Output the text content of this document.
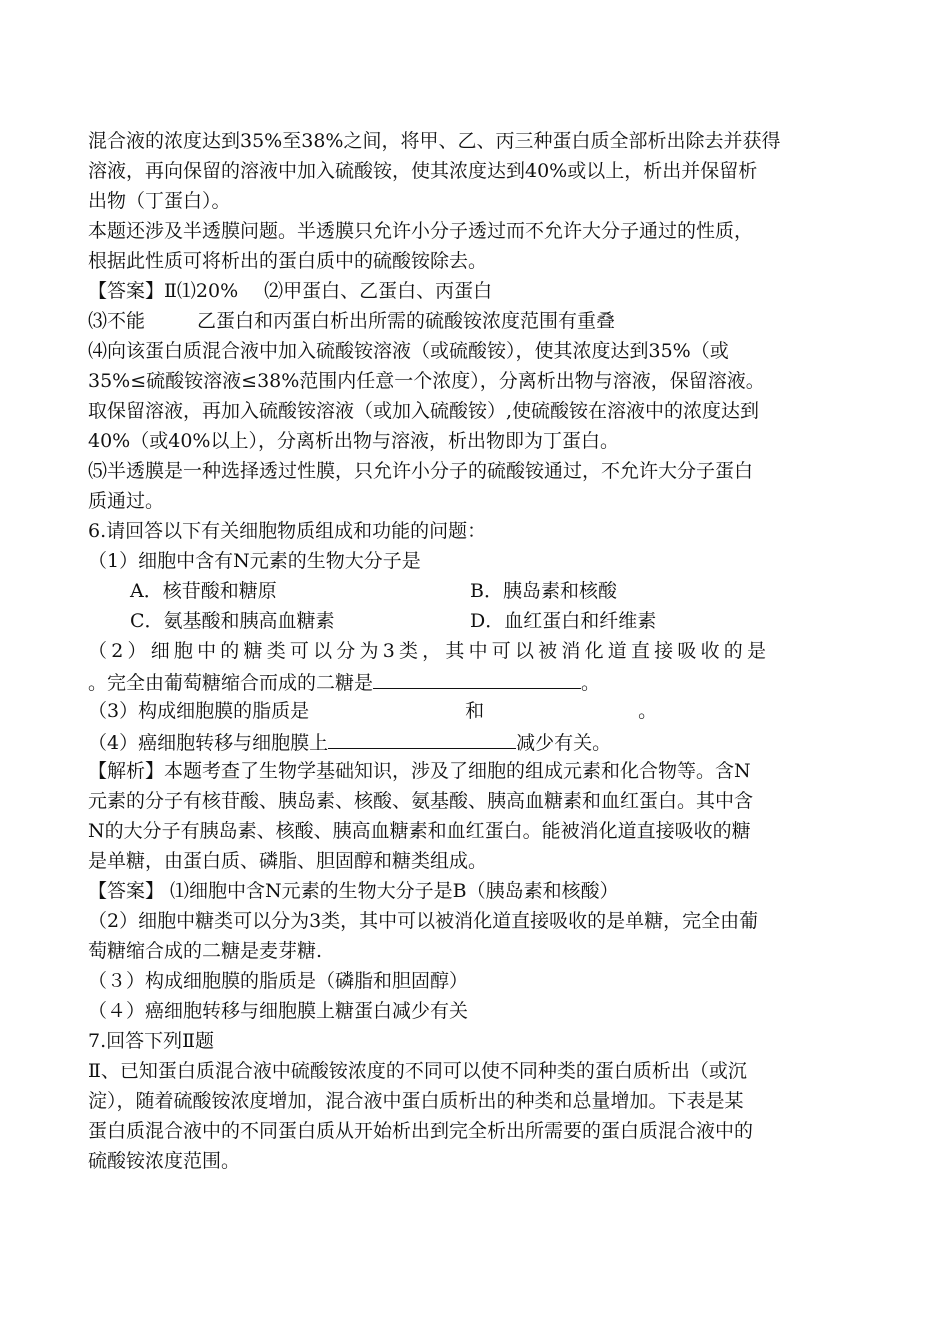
混合液的浓度达到35%至38%之间，将甲、乙、丙三种蛋白质全部析出除去并获得
溶液，再向保留的溶液中加入硫酸铵，使其浓度达到40%或以上，析出并保留析
出物（丁蛋白）。
本题还涉及半透膜问题。半透膜只允许小分子透过而不允许大分子通过的性质，
根据此性质可将析出的蛋白质中的硫酸铵除去。
【答案】Ⅱ⑴20% ⑵甲蛋白、乙蛋白、丙蛋白
⑶不能	乙蛋白和丙蛋白析出所需的硫酸铵浓度范围有重叠
⑷向该蛋白质混合液中加入硫酸铵溶液（或硫酸铵），使其浓度达到35%（或
35%≤硫酸铵溶液≤38%范围内任意一个浓度），分离析出物与溶液，保留溶液。
取保留溶液，再加入硫酸铵溶液（或加入硫酸铵）,使硫酸铵在溶液中的浓度达到
40%（或40%以上），分离析出物与溶液，析出物即为丁蛋白。
⑸半透膜是一种选择透过性膜，只允许小分子的硫酸铵通过，不允许大分子蛋白
质通过。
6.请回答以下有关细胞物质组成和功能的问题：
（1）细胞中含有N元素的生物大分子是
A．核苷酸和糖原	B．胰岛素和核酸
C．氨基酸和胰高血糖素	D．血红蛋白和纤维素
（2）细胞中的糖类可以分为3类，其中可以被消化道直接吸收的是
。完全由葡萄糖缩合而成的二糖是	。
（3）构成细胞膜的脂质是	和	。
（4）癌细胞转移与细胞膜上	减少有关。
【解析】本题考查了生物学基础知识，涉及了细胞的组成元素和化合物等。含N
元素的分子有核苷酸、胰岛素、核酸、氨基酸、胰高血糖素和血红蛋白。其中含
N的大分子有胰岛素、核酸、胰高血糖素和血红蛋白。能被消化道直接吸收的糖
是单糖，由蛋白质、磷脂、胆固醇和糖类组成。
【答案】 ⑴细胞中含N元素的生物大分子是B（胰岛素和核酸）
（2）细胞中糖类可以分为3类，其中可以被消化道直接吸收的是单糖，完全由葡
萄糖缩合成的二糖是麦芽糖.
（３）构成细胞膜的脂质是（磷脂和胆固醇）
（４）癌细胞转移与细胞膜上糖蛋白减少有关
7.回答下列Ⅱ题
Ⅱ、已知蛋白质混合液中硫酸铵浓度的不同可以使不同种类的蛋白质析出（或沉
淀），随着硫酸铵浓度增加，混合液中蛋白质析出的种类和总量增加。下表是某
蛋白质混合液中的不同蛋白质从开始析出到完全析出所需要的蛋白质混合液中的
硫酸铵浓度范围。
